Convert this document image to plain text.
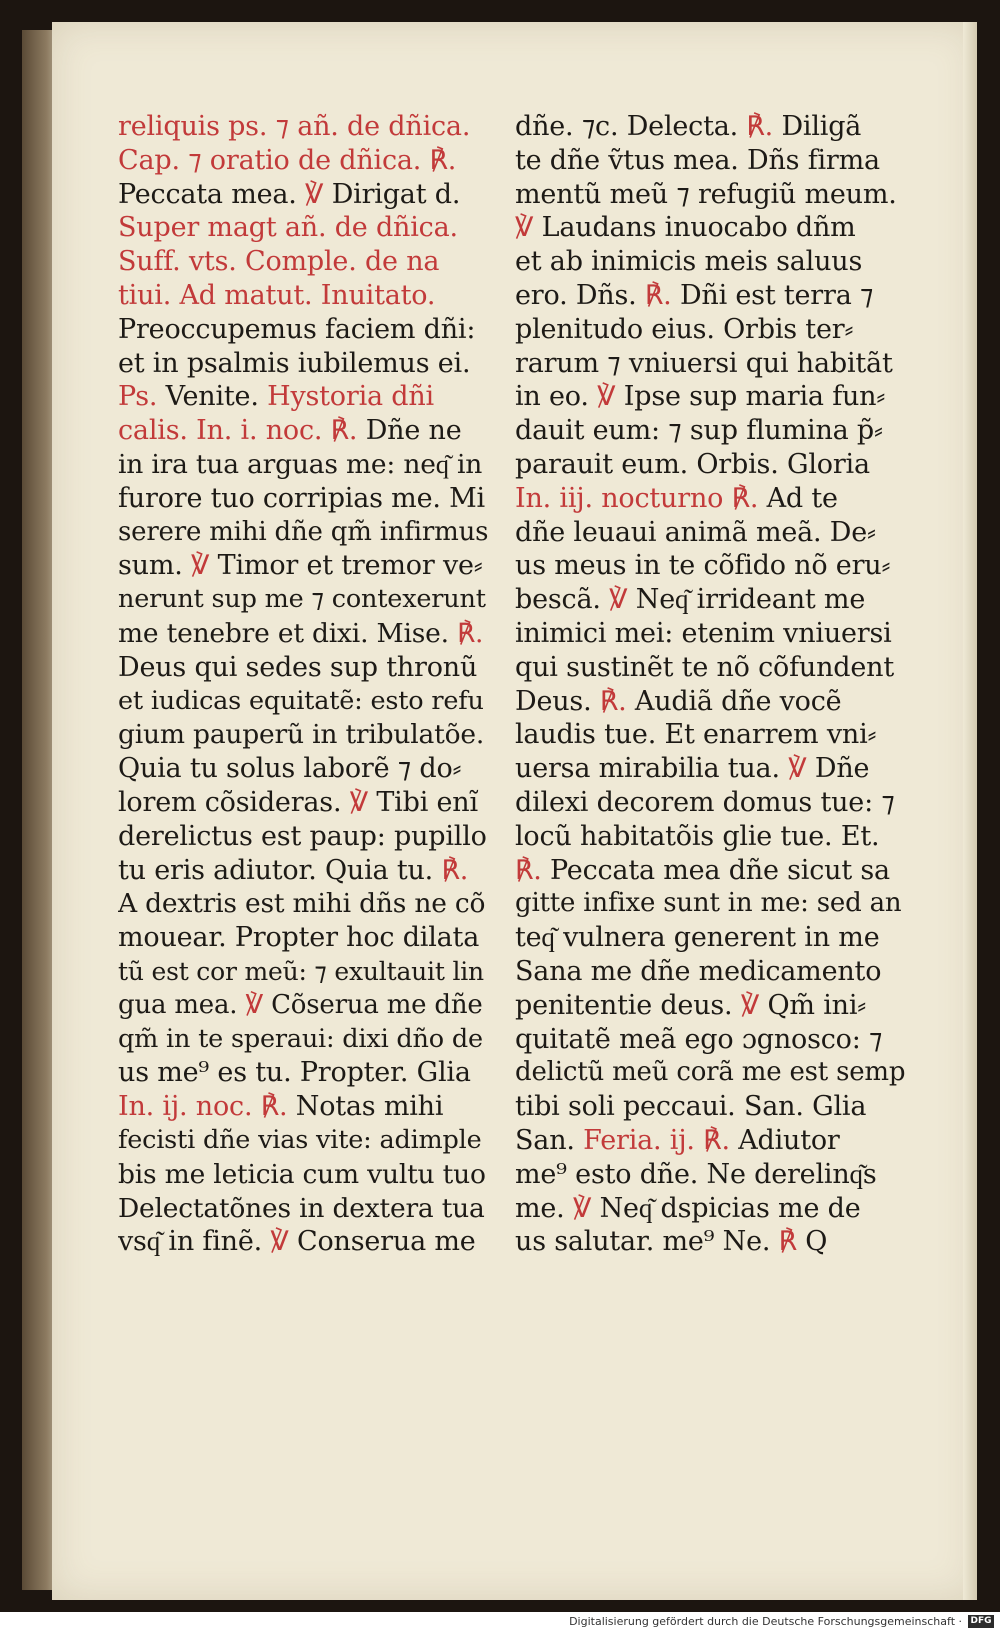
reliquis ps. ⁊ añ. de dñica.
Cap. ⁊ oratio de dñica. ℟.
Peccata mea. ℣ Dirigat d.
Super magt añ. de dñica.
Suff. vts. Comple. de na
tiui. Ad matut. Inuitato.
Preoccupemus faciem dñi:
et in psalmis iubilemus ei.
Ps. Venite. Hystoria dñi
calis. In. i. noc. ℟. Dñe ne
in ira tua arguas me: neq͂ in
furore tuo corripias me. Mi
serere mihi dñe qm̃ infirmus
sum. ℣ Timor et tremor ve⸗
nerunt sup me ⁊ contexerunt
me tenebre et dixi. Mise. ℟.
Deus qui sedes sup thronũ
et iudicas equitatẽ: esto refu
gium pauperũ in tribulatõe.
Quia tu solus laborẽ ⁊ do⸗
lorem cõsideras. ℣ Tibi enĩ
derelictus est paup: pupillo
tu eris adiutor. Quia tu. ℟.
A dextris est mihi dñs ne cõ
mouear. Propter hoc dilata
tũ est cor meũ: ⁊ exultauit lin
gua mea. ℣ Cõserua me dñe
qm̃ in te speraui: dixi dño de
us me⁹ es tu. Propter. Glia
In. ij. noc. ℟. Notas mihi
fecisti dñe vias vite: adimple
bis me leticia cum vultu tuo
Delectatõnes in dextera tua
vsq͂ in finẽ. ℣ Conserua me
dñe. ⁊c. Delecta. ℟. Diligã
te dñe ṽtus mea. Dñs firma
mentũ meũ ⁊ refugiũ meum.
℣ Laudans inuocabo dñm
et ab inimicis meis saluus
ero. Dñs. ℟. Dñi est terra ⁊
plenitudo eius. Orbis ter⸗
rarum ⁊ vniuersi qui habitãt
in eo. ℣ Ipse sup maria fun⸗
dauit eum: ⁊ sup flumina p̃⸗
parauit eum. Orbis. Gloria
In. iij. nocturno ℟. Ad te
dñe leuaui animã meã. De⸗
us meus in te cõfido nõ eru⸗
bescã. ℣ Neq͂ irrideant me
inimici mei: etenim vniuersi
qui sustinẽt te nõ cõfundent
Deus. ℟. Audiã dñe vocẽ
laudis tue. Et enarrem vni⸗
uersa mirabilia tua. ℣ Dñe
dilexi decorem domus tue: ⁊
locũ habitatõis glie tue. Et.
℟. Peccata mea dñe sicut sa
gitte infixe sunt in me: sed an
teq͂ vulnera generent in me
Sana me dñe medicamento
penitentie deus. ℣ Qm̃ ini⸗
quitatẽ meã ego ɔgnosco: ⁊
delictũ meũ corã me est semp
tibi soli peccaui. San. Glia
San. Feria. ij. ℟. Adiutor
me⁹ esto dñe. Ne derelinq͂s
me. ℣ Neq͂ dspicias me de
us salutar. me⁹ Ne. ℟ Q
Digitalisierung gefördert durch die Deutsche Forschungsgemeinschaft · DFG
